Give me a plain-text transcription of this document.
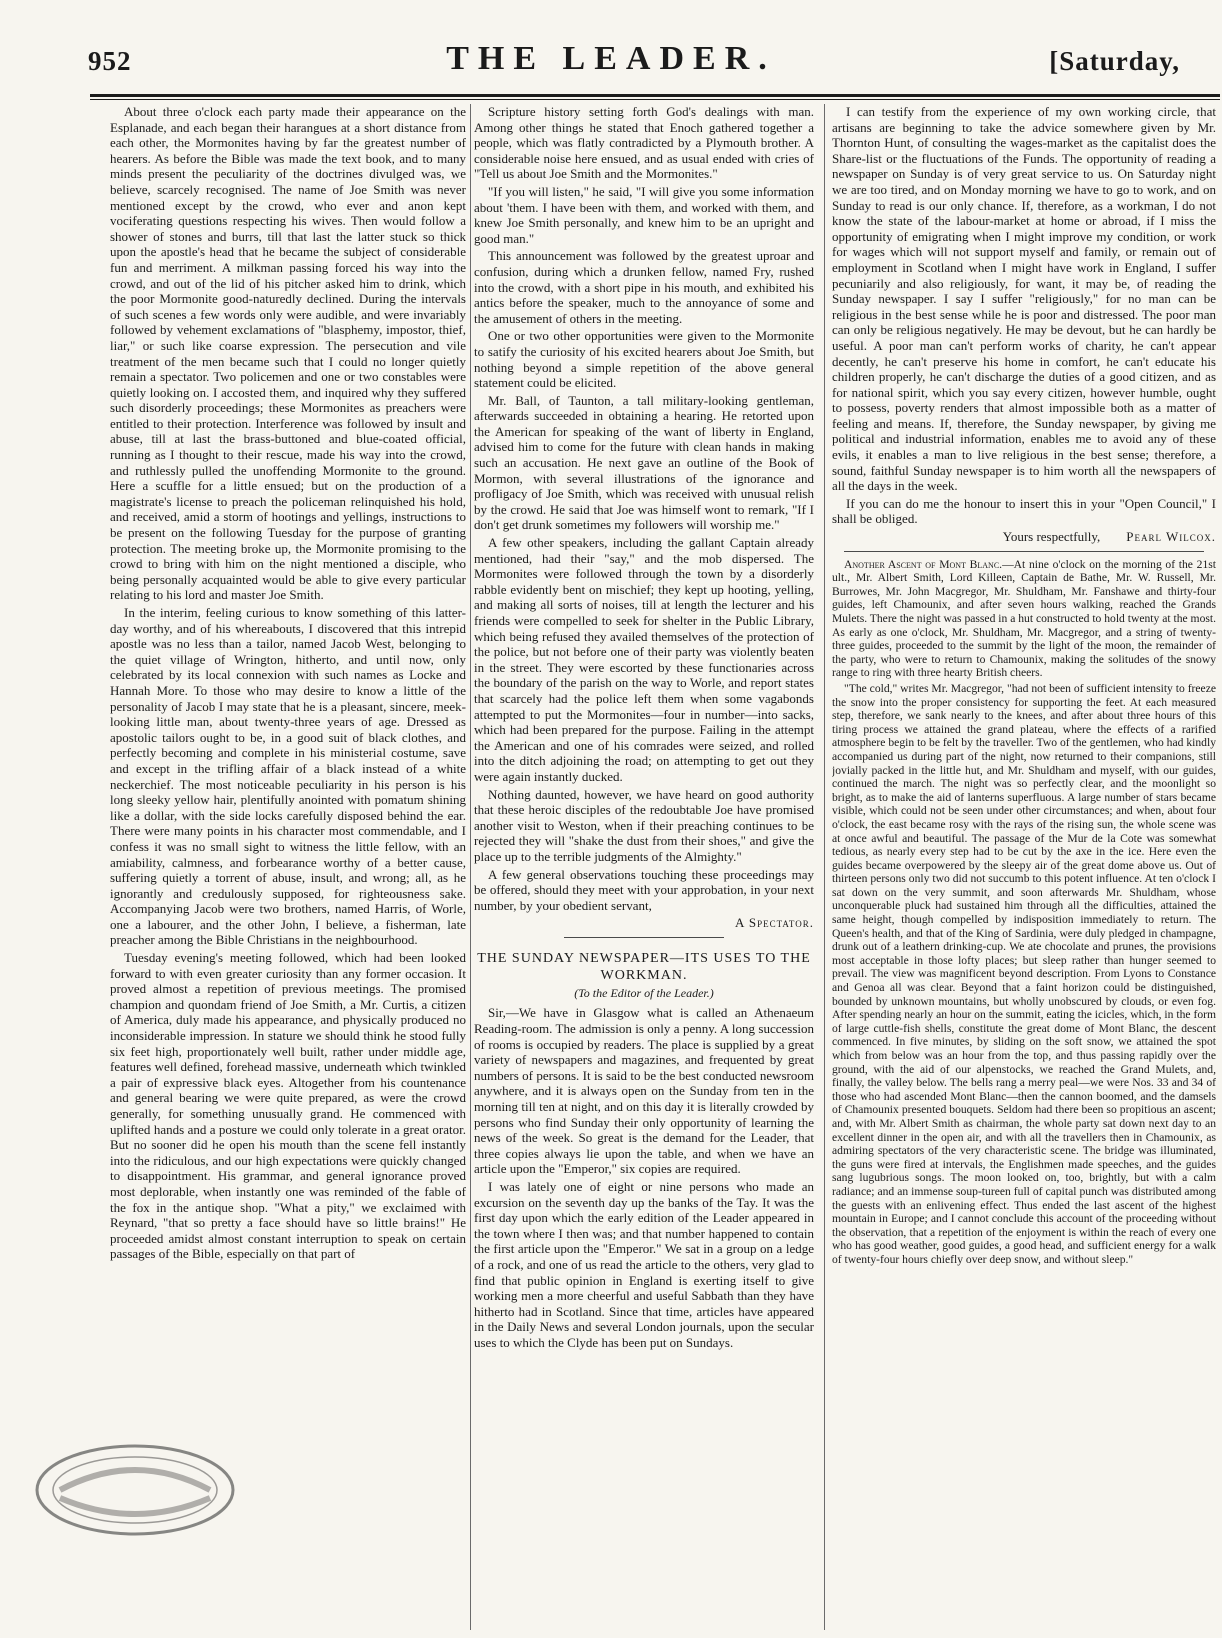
952	THE LEADER.	[Saturday,

About three o'clock each party made their appearance on the Esplanade, and each began their harangues at a short distance from each other, the Mormonites having by far the greatest number of hearers. As before the Bible was made the text book, and to many minds present the peculiarity of the doctrines divulged was, we believe, scarcely recognised. The name of Joe Smith was never mentioned except by the crowd, who ever and anon kept vociferating questions respecting his wives. Then would follow a shower of stones and burrs, till that last the latter stuck so thick upon the apostle's head that he became the subject of considerable fun and merriment. A milkman passing forced his way into the crowd, and out of the lid of his pitcher asked him to drink, which the poor Mormonite good-naturedly declined. During the intervals of such scenes a few words only were audible, and were invariably followed by vehement exclamations of "blasphemy, impostor, thief, liar," or such like coarse expression. The persecution and vile treatment of the men became such that I could no longer quietly remain a spectator. Two policemen and one or two constables were quietly looking on. I accosted them, and inquired why they suffered such disorderly proceedings; these Mormonites as preachers were entitled to their protection. Interference was followed by insult and abuse, till at last the brass-buttoned and blue-coated official, running as I thought to their rescue, made his way into the crowd, and ruthlessly pulled the unoffending Mormonite to the ground. Here a scuffle for a little ensued; but on the production of a magistrate's license to preach the policeman relinquished his hold, and received, amid a storm of hootings and yellings, instructions to be present on the following Tuesday for the purpose of granting protection. The meeting broke up, the Mormonite promising to the crowd to bring with him on the night mentioned a disciple, who being personally acquainted would be able to give every particular relating to his lord and master Joe Smith.

In the interim, feeling curious to know something of this latter-day worthy, and of his whereabouts, I discovered that this intrepid apostle was no less than a tailor, named Jacob West, belonging to the quiet village of Wrington, hitherto, and until now, only celebrated by its local connexion with such names as Locke and Hannah More. To those who may desire to know a little of the personality of Jacob I may state that he is a pleasant, sincere, meek-looking little man, about twenty-three years of age. Dressed as apostolic tailors ought to be, in a good suit of black clothes, and perfectly becoming and complete in his ministerial costume, save and except in the trifling affair of a black instead of a white neckerchief. The most noticeable peculiarity in his person is his long sleeky yellow hair, plentifully anointed with pomatum shining like a dollar, with the side locks carefully disposed behind the ear. There were many points in his character most commendable, and I confess it was no small sight to witness the little fellow, with an amiability, calmness, and forbearance worthy of a better cause, suffering quietly a torrent of abuse, insult, and wrong; all, as he ignorantly and credulously supposed, for righteousness sake. Accompanying Jacob were two brothers, named Harris, of Worle, one a labourer, and the other John, I believe, a fisherman, late preacher among the Bible Christians in the neighbourhood.

Tuesday evening's meeting followed, which had been looked forward to with even greater curiosity than any former occasion. It proved almost a repetition of previous meetings. The promised champion and quondam friend of Joe Smith, a Mr. Curtis, a citizen of America, duly made his appearance, and physically produced no inconsiderable impression. In stature we should think he stood fully six feet high, proportionately well built, rather under middle age, features well defined, forehead massive, underneath which twinkled a pair of expressive black eyes. Altogether from his countenance and general bearing we were quite prepared, as were the crowd generally, for something unusually grand. He commenced with uplifted hands and a posture we could only tolerate in a great orator. But no sooner did he open his mouth than the scene fell instantly into the ridiculous, and our high expectations were quickly changed to disappointment. His grammar, and general ignorance proved most deplorable, when instantly one was reminded of the fable of the fox in the antique shop. "What a pity," we exclaimed with Reynard, "that so pretty a face should have so little brains!" He proceeded amidst almost constant interruption to speak on certain passages of the Bible, especially on that part of

Scripture history setting forth God's dealings with man. Among other things he stated that Enoch gathered together a people, which was flatly contradicted by a Plymouth brother. A considerable noise here ensued, and as usual ended with cries of "Tell us about Joe Smith and the Mormonites."

"If you will listen," he said, "I will give you some information about 'them. I have been with them, and worked with them, and knew Joe Smith personally, and knew him to be an upright and good man."

This announcement was followed by the greatest uproar and confusion, during which a drunken fellow, named Fry, rushed into the crowd, with a short pipe in his mouth, and exhibited his antics before the speaker, much to the annoyance of some and the amusement of others in the meeting.

One or two other opportunities were given to the Mormonite to satify the curiosity of his excited hearers about Joe Smith, but nothing beyond a simple repetition of the above general statement could be elicited.

Mr. Ball, of Taunton, a tall military-looking gentleman, afterwards succeeded in obtaining a hearing. He retorted upon the American for speaking of the want of liberty in England, advised him to come for the future with clean hands in making such an accusation. He next gave an outline of the Book of Mormon, with several illustrations of the ignorance and profligacy of Joe Smith, which was received with unusual relish by the crowd. He said that Joe was himself wont to remark, "If I don't get drunk sometimes my followers will worship me."

A few other speakers, including the gallant Captain already mentioned, had their "say," and the mob dispersed. The Mormonites were followed through the town by a disorderly rabble evidently bent on mischief; they kept up hooting, yelling, and making all sorts of noises, till at length the lecturer and his friends were compelled to seek for shelter in the Public Library, which being refused they availed themselves of the protection of the police, but not before one of their party was violently beaten in the street. They were escorted by these functionaries across the boundary of the parish on the way to Worle, and report states that scarcely had the police left them when some vagabonds attempted to put the Mormonites—four in number—into sacks, which had been prepared for the purpose. Failing in the attempt the American and one of his comrades were seized, and rolled into the ditch adjoining the road; on attempting to get out they were again instantly ducked.

Nothing daunted, however, we have heard on good authority that these heroic disciples of the redoubtable Joe have promised another visit to Weston, when if their preaching continues to be rejected they will "shake the dust from their shoes," and give the place up to the terrible judgments of the Almighty."

A few general observations touching these proceedings may be offered, should they meet with your approbation, in your next number, by your obedient servant,

A Spectator.
THE SUNDAY NEWSPAPER—ITS USES TO THE WORKMAN.
(To the Editor of the Leader.)

Sir,—We have in Glasgow what is called an Athenaeum Reading-room. The admission is only a penny. A long succession of rooms is occupied by readers. The place is supplied by a great variety of newspapers and magazines, and frequented by great numbers of persons. It is said to be the best conducted newsroom anywhere, and it is always open on the Sunday from ten in the morning till ten at night, and on this day it is literally crowded by persons who find Sunday their only opportunity of learning the news of the week. So great is the demand for the Leader, that three copies always lie upon the table, and when we have an article upon the "Emperor," six copies are required.

I was lately one of eight or nine persons who made an excursion on the seventh day up the banks of the Tay. It was the first day upon which the early edition of the Leader appeared in the town where I then was; and that number happened to contain the first article upon the "Emperor." We sat in a group on a ledge of a rock, and one of us read the article to the others, very glad to find that public opinion in England is exerting itself to give working men a more cheerful and useful Sabbath than they have hitherto had in Scotland. Since that time, articles have appeared in the Daily News and several London journals, upon the secular uses to which the Clyde has been put on Sundays.

I can testify from the experience of my own working circle, that artisans are beginning to take the advice somewhere given by Mr. Thornton Hunt, of consulting the wages-market as the capitalist does the Share-list or the fluctuations of the Funds. The opportunity of reading a newspaper on Sunday is of very great service to us. On Saturday night we are too tired, and on Monday morning we have to go to work, and on Sunday to read is our only chance. If, therefore, as a workman, I do not know the state of the labour-market at home or abroad, if I miss the opportunity of emigrating when I might improve my condition, or work for wages which will not support myself and family, or remain out of employment in Scotland when I might have work in England, I suffer pecuniarily and also religiously, for want, it may be, of reading the Sunday newspaper. I say I suffer "religiously," for no man can be religious in the best sense while he is poor and distressed. The poor man can only be religious negatively. He may be devout, but he can hardly be useful. A poor man can't perform works of charity, he can't appear decently, he can't preserve his home in comfort, he can't educate his children properly, he can't discharge the duties of a good citizen, and as for national spirit, which you say every citizen, however humble, ought to possess, poverty renders that almost impossible both as a matter of feeling and means. If, therefore, the Sunday newspaper, by giving me political and industrial information, enables me to avoid any of these evils, it enables a man to live religious in the best sense; therefore, a sound, faithful Sunday newspaper is to him worth all the newspapers of all the days in the week.

If you can do me the honour to insert this in your "Open Council," I shall be obliged.

Yours respectfully, Pearl Wilcox.

Another Ascent of Mont Blanc.—At nine o'clock on the morning of the 21st ult., Mr. Albert Smith, Lord Killeen, Captain de Bathe, Mr. W. Russell, Mr. Burrowes, Mr. John Macgregor, Mr. Shuldham, Mr. Fanshawe and thirty-four guides, left Chamounix, and after seven hours walking, reached the Grands Mulets. There the night was passed in a hut constructed to hold twenty at the most. As early as one o'clock, Mr. Shuldham, Mr. Macgregor, and a string of twenty-three guides, proceeded to the summit by the light of the moon, the remainder of the party, who were to return to Chamounix, making the solitudes of the snowy range to ring with three hearty British cheers.

"The cold," writes Mr. Macgregor, "had not been of sufficient intensity to freeze the snow into the proper consistency for supporting the feet. At each measured step, therefore, we sank nearly to the knees, and after about three hours of this tiring process we attained the grand plateau, where the effects of a rarified atmosphere begin to be felt by the traveller. Two of the gentlemen, who had kindly accompanied us during part of the night, now returned to their companions, still jovially packed in the little hut, and Mr. Shuldham and myself, with our guides, continued the march. The night was so perfectly clear, and the moonlight so bright, as to make the aid of lanterns superfluous. A large number of stars became visible, which could not be seen under other circumstances; and when, about four o'clock, the east became rosy with the rays of the rising sun, the whole scene was at once awful and beautiful. The passage of the Mur de la Cote was somewhat tedious, as nearly every step had to be cut by the axe in the ice. Here even the guides became overpowered by the sleepy air of the great dome above us. Out of thirteen persons only two did not succumb to this potent influence. At ten o'clock I sat down on the very summit, and soon afterwards Mr. Shuldham, whose unconquerable pluck had sustained him through all the difficulties, attained the same height, though compelled by indisposition immediately to return. The Queen's health, and that of the King of Sardinia, were duly pledged in champagne, drunk out of a leathern drinking-cup. We ate chocolate and prunes, the provisions most acceptable in those lofty places; but sleep rather than hunger seemed to prevail. The view was magnificent beyond description. From Lyons to Constance and Genoa all was clear. Beyond that a faint horizon could be distinguished, bounded by unknown mountains, but wholly unobscured by clouds, or even fog. After spending nearly an hour on the summit, eating the icicles, which, in the form of large cuttle-fish shells, constitute the great dome of Mont Blanc, the descent commenced. In five minutes, by sliding on the soft snow, we attained the spot which from below was an hour from the top, and thus passing rapidly over the ground, with the aid of our alpenstocks, we reached the Grand Mulets, and, finally, the valley below. The bells rang a merry peal—we were Nos. 33 and 34 of those who had ascended Mont Blanc—then the cannon boomed, and the damsels of Chamounix presented bouquets. Seldom had there been so propitious an ascent; and, with Mr. Albert Smith as chairman, the whole party sat down next day to an excellent dinner in the open air, and with all the travellers then in Chamounix, as admiring spectators of the very characteristic scene. The bridge was illuminated, the guns were fired at intervals, the Englishmen made speeches, and the guides sang lugubrious songs. The moon looked on, too, brightly, but with a calm radiance; and an immense soup-tureen full of capital punch was distributed among the guests with an enlivening effect. Thus ended the last ascent of the highest mountain in Europe; and I cannot conclude this account of the proceeding without the observation, that a repetition of the enjoyment is within the reach of every one who has good weather, good guides, a good head, and sufficient energy for a walk of twenty-four hours chiefly over deep snow, and without sleep."
